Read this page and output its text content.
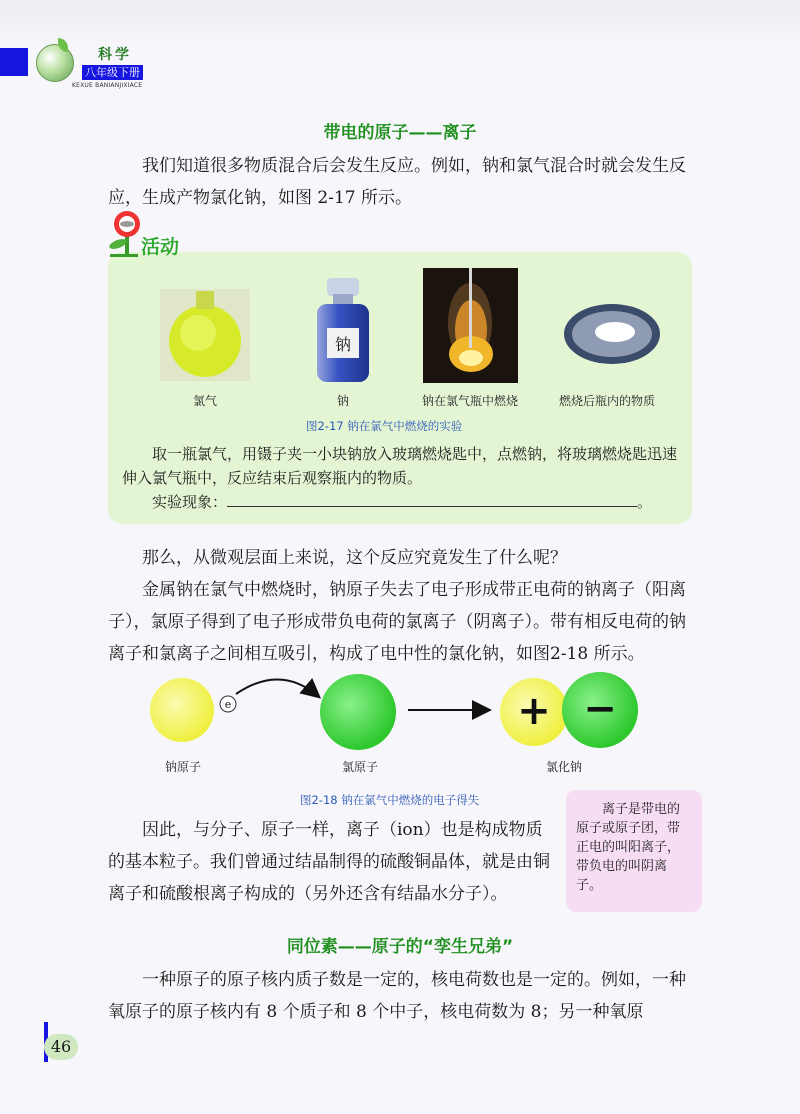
科学
八年级下册
KEXUE BANIANJIXIACE
带电的原子——离子

我们知道很多物质混合后会发生反应。例如，钠和氯气混合时就会发生反应，生成产物氯化钠，如图 2-17 所示。

活动
钠
氯气	钠	钠在氯气瓶中燃烧	燃烧后瓶内的物质
图2-17 钠在氯气中燃烧的实验

取一瓶氯气，用镊子夹一小块钠放入玻璃燃烧匙中，点燃钠，将玻璃燃烧匙迅速伸入氯气瓶中，反应结束后观察瓶内的物质。

实验现象：	。

那么，从微观层面上来说，这个反应究竟发生了什么呢？

金属钠在氯气中燃烧时，钠原子失去了电子形成带正电荷的钠离子（阳离子），氯原子得到了电子形成带负电荷的氯离子（阴离子）。带有相反电荷的钠离子和氯离子之间相互吸引，构成了电中性的氯化钠，如图2-18 所示。

e	+ −
钠原子	氯原子	氯化钠
图2-18 钠在氯气中燃烧的电子得失

因此，与分子、原子一样，离子（ion）也是构成物质的基本粒子。我们曾通过结晶制得的硫酸铜晶体，就是由铜离子和硫酸根离子构成的（另外还含有结晶水分子）。

离子是带电的原子或原子团，带正电的叫阳离子，带负电的叫阴离子。
同位素——原子的“孪生兄弟”

一种原子的原子核内质子数是一定的，核电荷数也是一定的。例如，一种氧原子的原子核内有 8 个质子和 8 个中子，核电荷数为 8；另一种氧原

46
